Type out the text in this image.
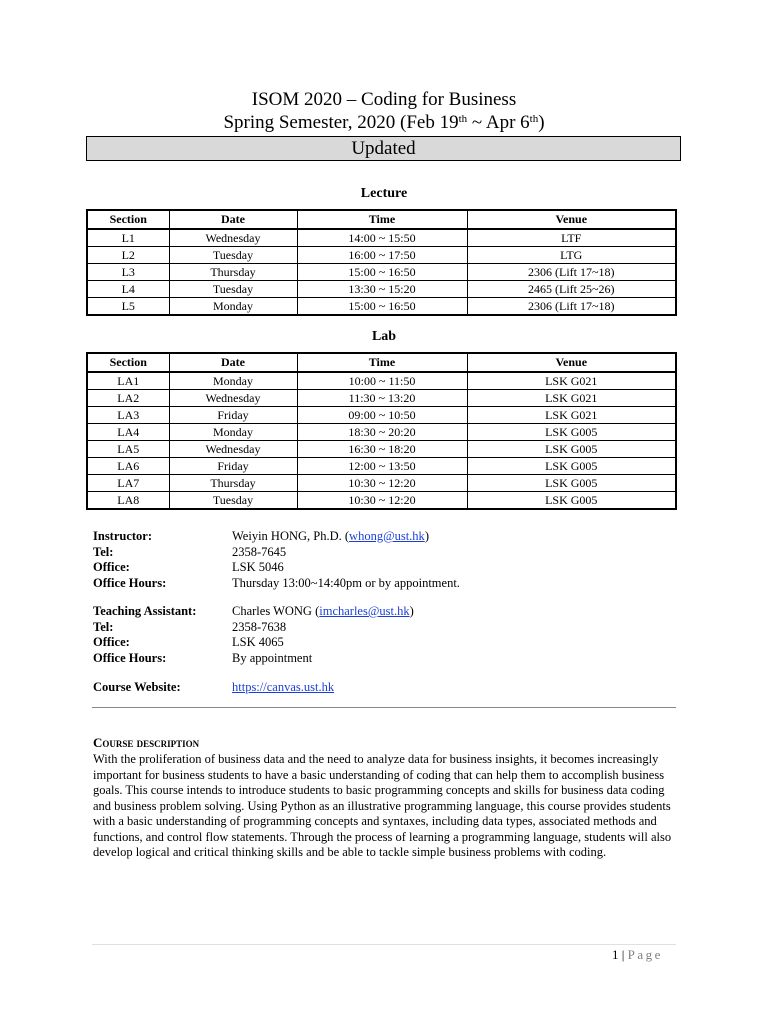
ISOM 2020 – Coding for Business
Spring Semester, 2020 (Feb 19th ~ Apr 6th)
Updated
Lecture
Section	Date	Time	Venue
L1	Wednesday	14:00 ~ 15:50	LTF
L2	Tuesday	16:00 ~ 17:50	LTG
L3	Thursday	15:00 ~ 16:50	2306 (Lift 17~18)
L4	Tuesday	13:30 ~ 15:20	2465 (Lift 25~26)
L5	Monday	15:00 ~ 16:50	2306 (Lift 17~18)
Lab
Section	Date	Time	Venue
LA1	Monday	10:00 ~ 11:50	LSK G021
LA2	Wednesday	11:30 ~ 13:20	LSK G021
LA3	Friday	09:00 ~ 10:50	LSK G021
LA4	Monday	18:30 ~ 20:20	LSK G005
LA5	Wednesday	16:30 ~ 18:20	LSK G005
LA6	Friday	12:00 ~ 13:50	LSK G005
LA7	Thursday	10:30 ~ 12:20	LSK G005
LA8	Tuesday	10:30 ~ 12:20	LSK G005
Instructor:	Weiyin HONG, Ph.D. (whong@ust.hk)
Tel:	2358-7645
Office:	LSK 5046
Office Hours:	Thursday 13:00~14:40pm or by appointment.
Teaching Assistant:	Charles WONG (imcharles@ust.hk)
Tel:	2358-7638
Office:	LSK 4065
Office Hours:	By appointment
Course Website:	https://canvas.ust.hk
Course description
With the proliferation of business data and the need to analyze data for business insights, it becomes increasingly important for business students to have a basic understanding of coding that can help them to accomplish business goals. This course intends to introduce students to basic programming concepts and skills for business data coding and business problem solving. Using Python as an illustrative programming language, this course provides students with a basic understanding of programming concepts and syntaxes, including data types, associated methods and functions, and control flow statements. Through the process of learning a programming language, students will also develop logical and critical thinking skills and be able to tackle simple business problems with coding.
1 | Page
